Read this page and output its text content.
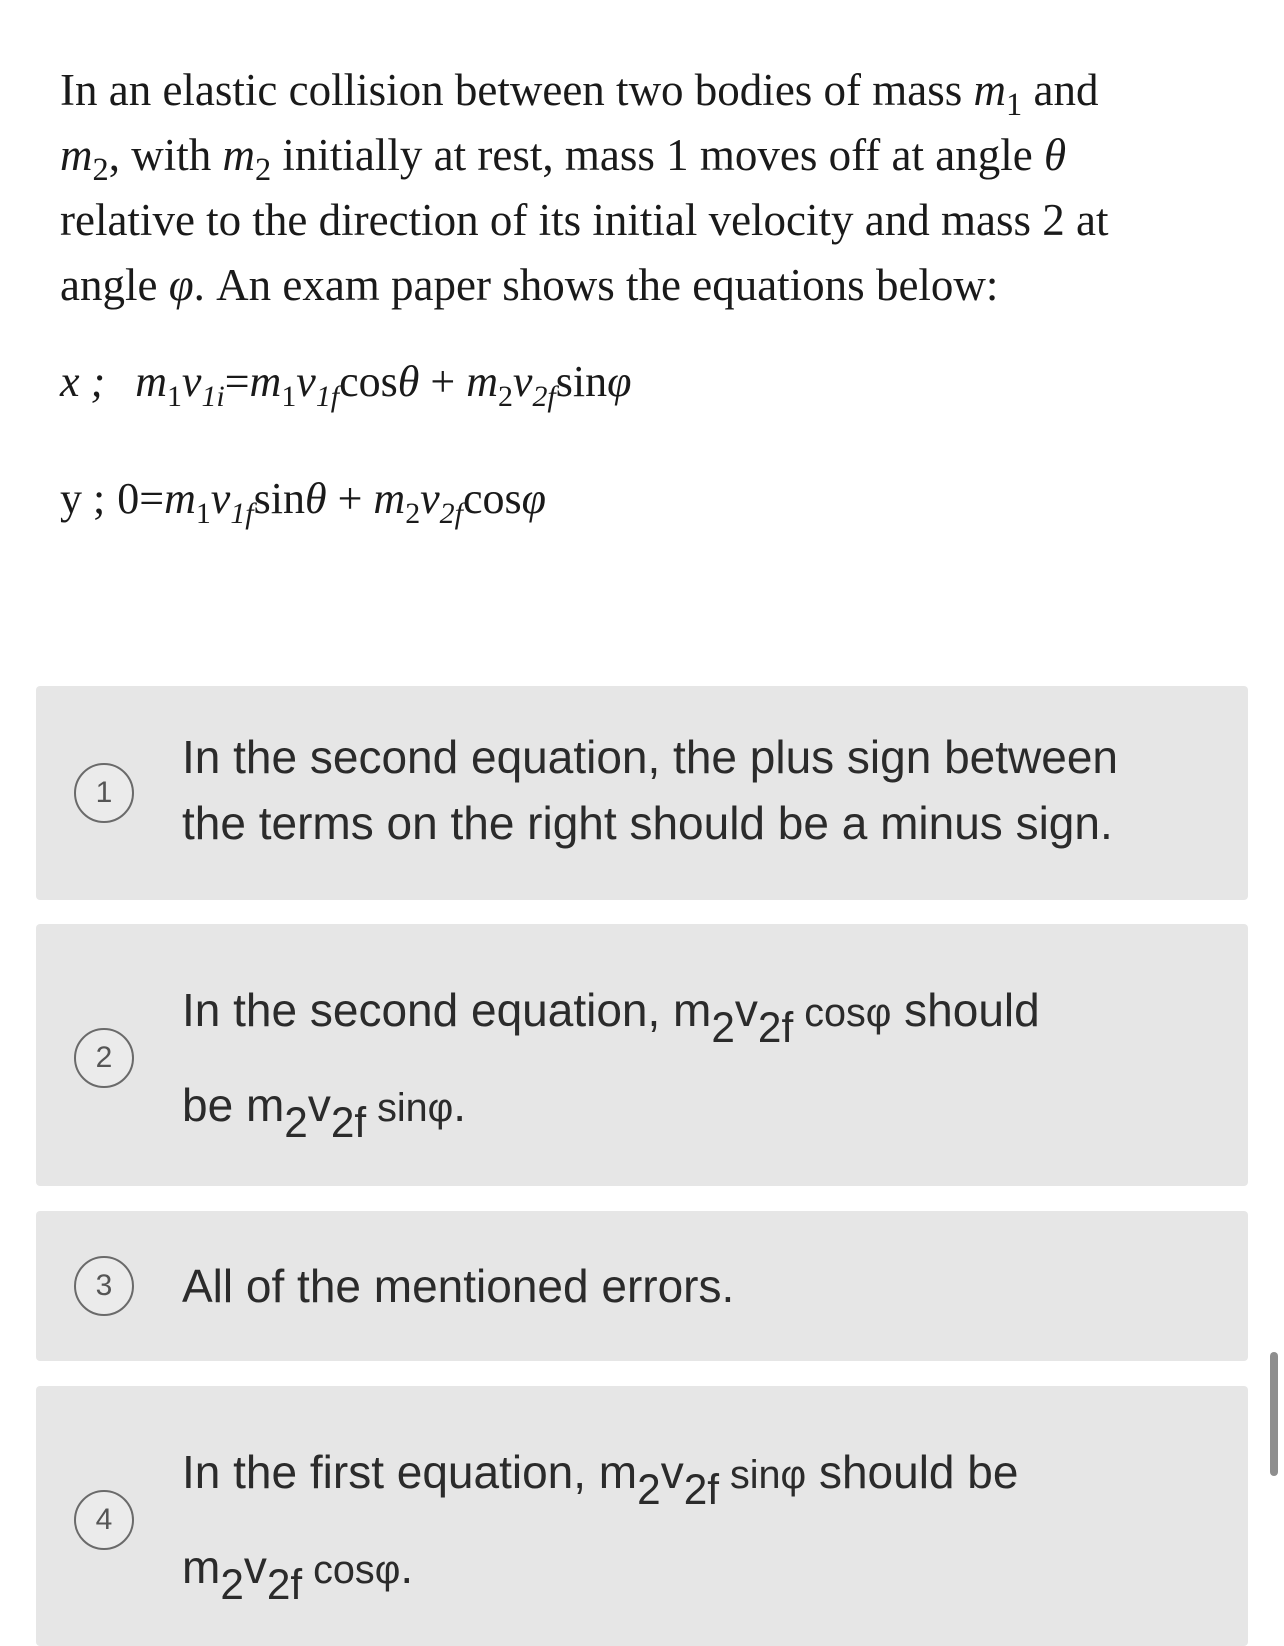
In an elastic collision between two bodies of mass $m_1$ and
$m_2$, with $m_2$ initially at rest, mass 1 moves off at angle θ
relative to the direction of its initial velocity and mass 2 at
angle φ. An exam paper shows the equations below:
x ; $m_1v_{1i}=m_1v_{1f}\cos\theta + m_2v_{2f}\sin\varphi$
y ; $0=m_1v_{1f}\sin\theta + m_2v_{2f}\cos\varphi$
1
In the second equation, the plus sign between
the terms on the right should be a minus sign.
2
In the second equation, $m_2v_{2f}$ cosφ should
be $m_2v_{2f}$ sinφ.
3	All of the mentioned errors.
4
In the first equation, $m_2v_{2f}$ sinφ should be
$m_2v_{2f}$ cosφ.
